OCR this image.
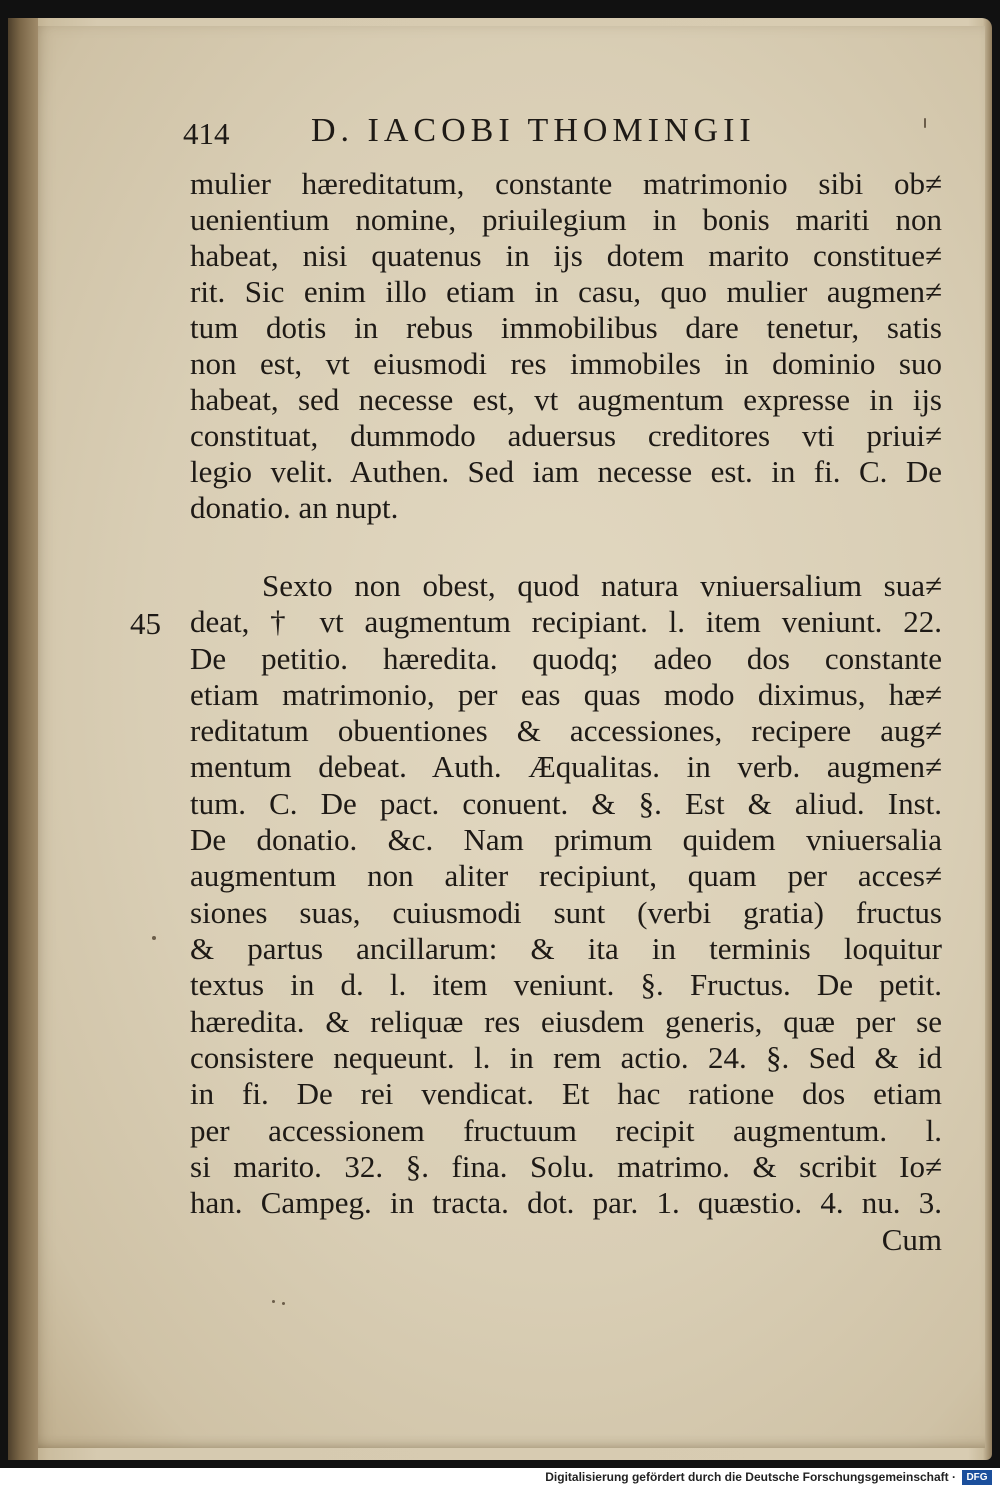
414 D. IACOBI THOMINGII
mulier hæreditatum, constante matrimonio sibi ob≠
uenientium nomine, priuilegium in bonis mariti non
habeat, nisi quatenus in ijs dotem marito constitue≠
rit. Sic enim illo etiam in casu, quo mulier augmen≠
tum dotis in rebus immobilibus dare tenetur, satis
non est, vt eiusmodi res immobiles in dominio suo
habeat, sed necesse est, vt augmentum expresse in ijs
constituat, dummodo aduersus creditores vti priui≠
legio velit. Authen. Sed iam necesse est. in fi. C. De
donatio. an nupt.
45
Sexto non obest, quod natura vniuersalium sua≠
deat, † vt augmentum recipiant. l. item veniunt. 22.
De petitio. hæredita. quodq; adeo dos constante
etiam matrimonio, per eas quas modo diximus, hæ≠
reditatum obuentiones & accessiones, recipere aug≠
mentum debeat. Auth. Æqualitas. in verb. augmen≠
tum. C. De pact. conuent. & §. Est & aliud. Inst.
De donatio. &c. Nam primum quidem vniuersalia
augmentum non aliter recipiunt, quam per acces≠
siones suas, cuiusmodi sunt (verbi gratia) fructus
& partus ancillarum: & ita in terminis loquitur
textus in d. l. item veniunt. §. Fructus. De petit.
hæredita. & reliquæ res eiusdem generis, quæ per se
consistere nequeunt. l. in rem actio. 24. §. Sed & id
in fi. De rei vendicat. Et hac ratione dos etiam
per accessionem fructuum recipit augmentum. l.
si marito. 32. §. fina. Solu. matrimo. & scribit Io≠
han. Campeg. in tracta. dot. par. 1. quæstio. 4. nu. 3.
Cum
Digitalisierung gefördert durch die Deutsche Forschungsgemeinschaft ·	DFG
